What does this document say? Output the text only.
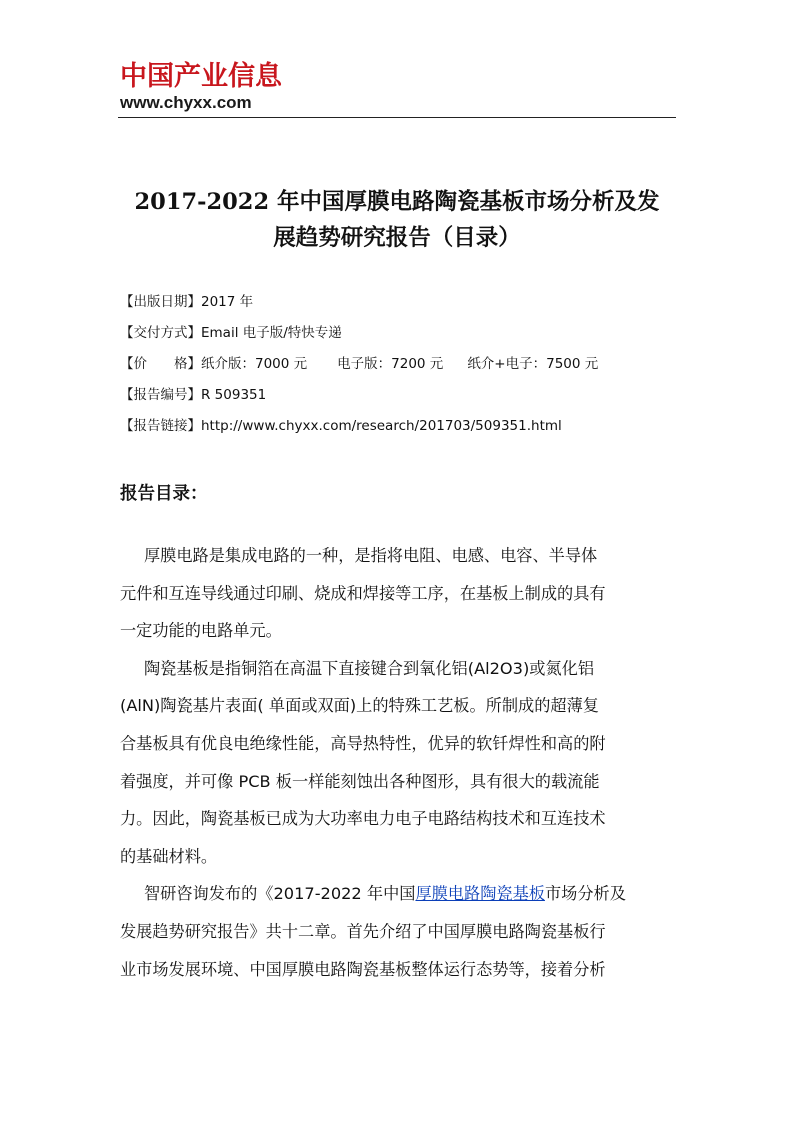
中国产业信息
www.chyxx.com
2017-2022 年中国厚膜电路陶瓷基板市场分析及发
展趋势研究报告（目录）
【出版日期】2017 年
【交付方式】Email 电子版/特快专递
【价　　格】纸介版：7000 元 电子版：7200 元 纸介+电子：7500 元
【报告编号】R 509351
【报告链接】http://www.chyxx.com/research/201703/509351.html
报告目录：

厚膜电路是集成电路的一种，是指将电阻、电感、电容、半导体
元件和互连导线通过印刷、烧成和焊接等工序，在基板上制成的具有
一定功能的电路单元。

陶瓷基板是指铜箔在高温下直接键合到氧化铝(Al2O3)或氮化铝
(AlN)陶瓷基片表面( 单面或双面)上的特殊工艺板。所制成的超薄复
合基板具有优良电绝缘性能，高导热特性，优异的软钎焊性和高的附
着强度，并可像 PCB 板一样能刻蚀出各种图形，具有很大的载流能
力。因此，陶瓷基板已成为大功率电力电子电路结构技术和互连技术
的基础材料。

智研咨询发布的《2017-2022 年中国厚膜电路陶瓷基板市场分析及
发展趋势研究报告》共十二章。首先介绍了中国厚膜电路陶瓷基板行
业市场发展环境、中国厚膜电路陶瓷基板整体运行态势等，接着分析
